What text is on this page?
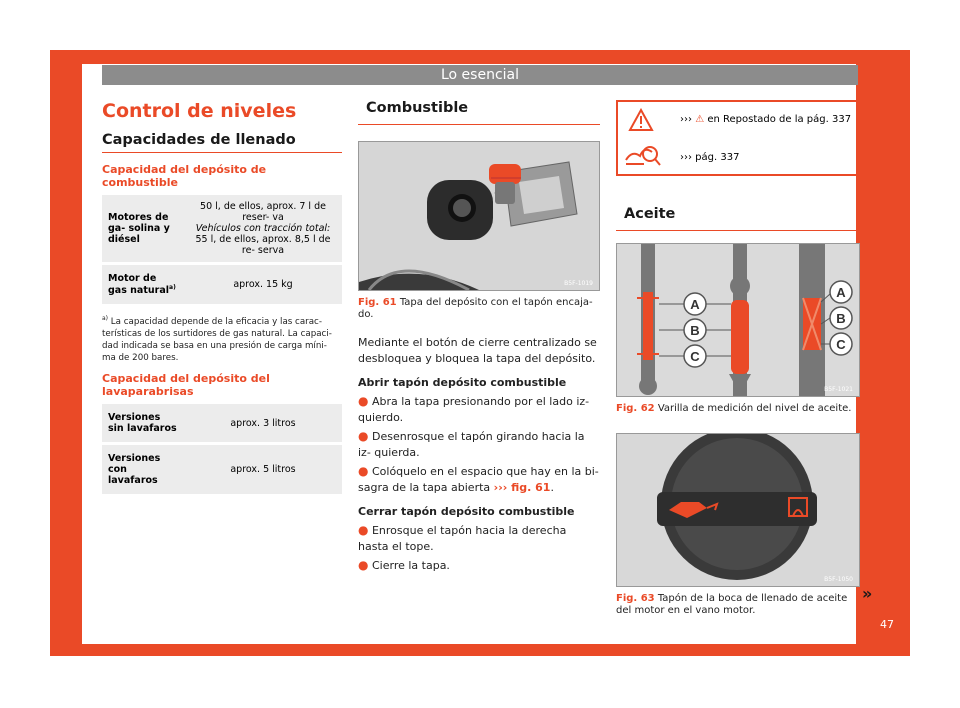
Lo esencial
Control de niveles
Capacidades de llenado
Capacidad del depósito de combustible
Motores de ga- solina y diésel	50 l, de ellos, aprox. 7 l de reser- va
Vehículos con tracción total:
55 l, de ellos, aprox. 8,5 l de re- serva

Motor de gas natural$^{a)}$	aprox. 15 kg
$^{a)}$ La capacidad depende de la eficacia y las carac- terísticas de los surtidores de gas natural. La capaci- dad indicada se basa en una presión de carga míni- ma de 200 bares.
Capacidad del depósito del lavaparabrisas
Versiones sin lavafaros	aprox. 3 litros
Versiones con lavafaros	aprox. 5 litros
Combustible
B5F-1019
Fig. 61 Tapa del depósito con el tapón encaja- do.
Mediante el botón de cierre centralizado se desbloquea y bloquea la tapa del depósito.
Abrir tapón depósito combustible
● Abra la tapa presionando por el lado iz- quierdo.
● Desenrosque el tapón girando hacia la iz- quierda.
● Colóquelo en el espacio que hay en la bi- sagra de la tapa abierta ››› fig. 61.
Cerrar tapón depósito combustible
● Enrosque el tapón hacia la derecha hasta el tope.
● Cierre la tapa.
››› ⚠ en Repostado de la pág. 337
››› pág. 337
Aceite
A
B
C
A
B
C
B5F-1021
Fig. 62 Varilla de medición del nivel de aceite.
B5F-1050
Fig. 63 Tapón de la boca de llenado de aceite del motor en el vano motor.
»
47
